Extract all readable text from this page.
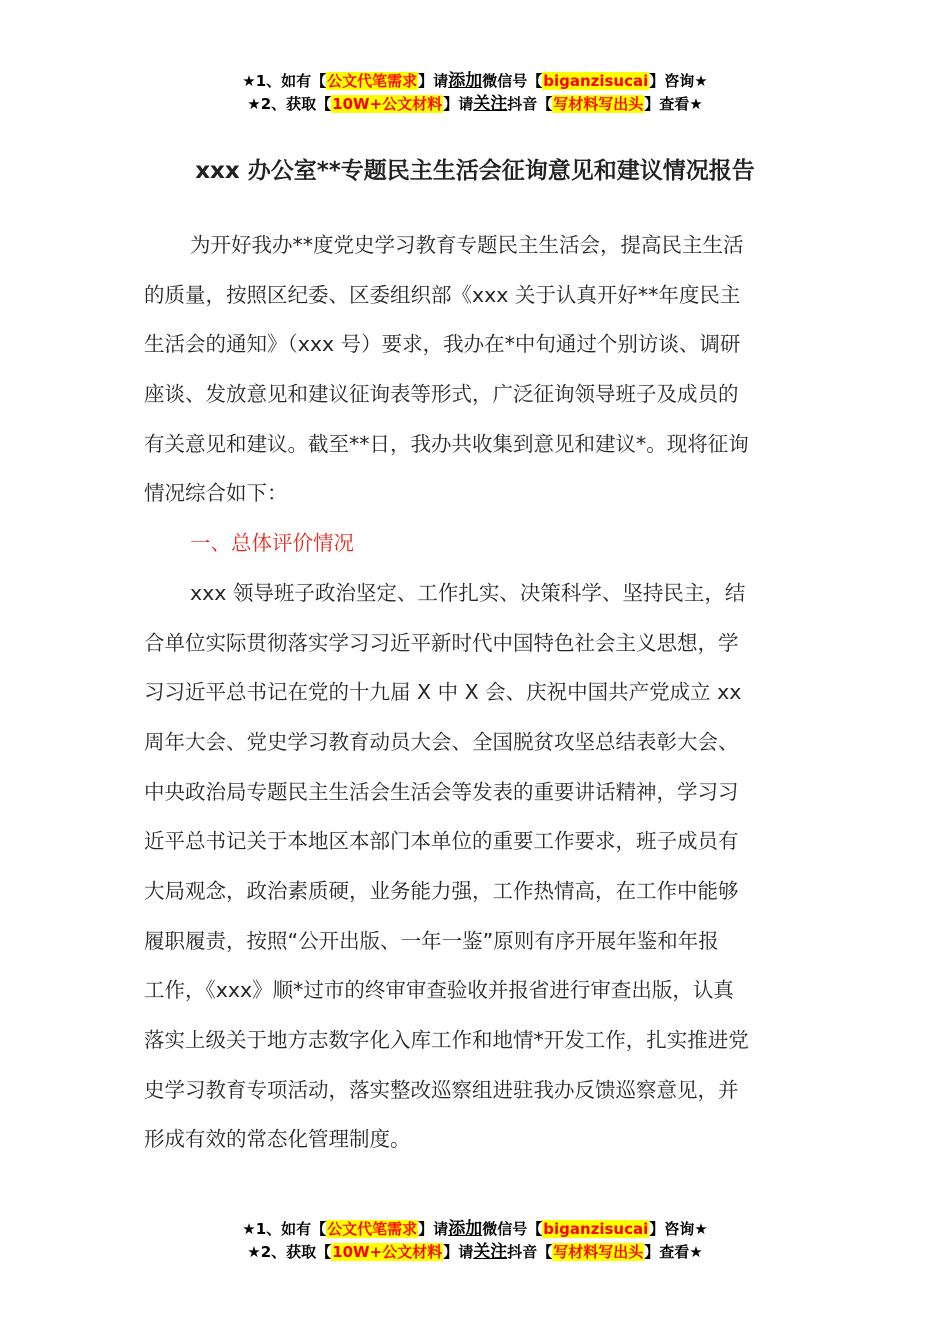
★1、如有【公文代笔需求】请添加微信号【biganzisucai】咨询★
★2、获取【10W+公文材料】请关注抖音【写材料写出头】查看★
xxx 办公室**专题民主生活会征询意见和建议情况报告
为开好我办**度党史学习教育专题民主生活会，提高民主生活
的质量，按照区纪委、区委组织部《xxx 关于认真开好**年度民主
生活会的通知》（xxx 号）要求，我办在*中旬通过个别访谈、调研
座谈、发放意见和建议征询表等形式，广泛征询领导班子及成员的
有关意见和建议。截至**日，我办共收集到意见和建议*。现将征询
情况综合如下：
一、总体评价情况
xxx 领导班子政治坚定、工作扎实、决策科学、坚持民主，结
合单位实际贯彻落实学习习近平新时代中国特色社会主义思想，学
习习近平总书记在党的十九届 X 中 X 会、庆祝中国共产党成立 xx
周年大会、党史学习教育动员大会、全国脱贫攻坚总结表彰大会、
中央政治局专题民主生活会生活会等发表的重要讲话精神，学习习
近平总书记关于本地区本部门本单位的重要工作要求，班子成员有
大局观念，政治素质硬，业务能力强，工作热情高，在工作中能够
履职履责，按照“公开出版、一年一鉴”原则有序开展年鉴和年报
工作，《xxx》顺*过市的终审审查验收并报省进行审查出版，认真
落实上级关于地方志数字化入库工作和地情*开发工作，扎实推进党
史学习教育专项活动，落实整改巡察组进驻我办反馈巡察意见，并
形成有效的常态化管理制度。
★1、如有【公文代笔需求】请添加微信号【biganzisucai】咨询★
★2、获取【10W+公文材料】请关注抖音【写材料写出头】查看★
